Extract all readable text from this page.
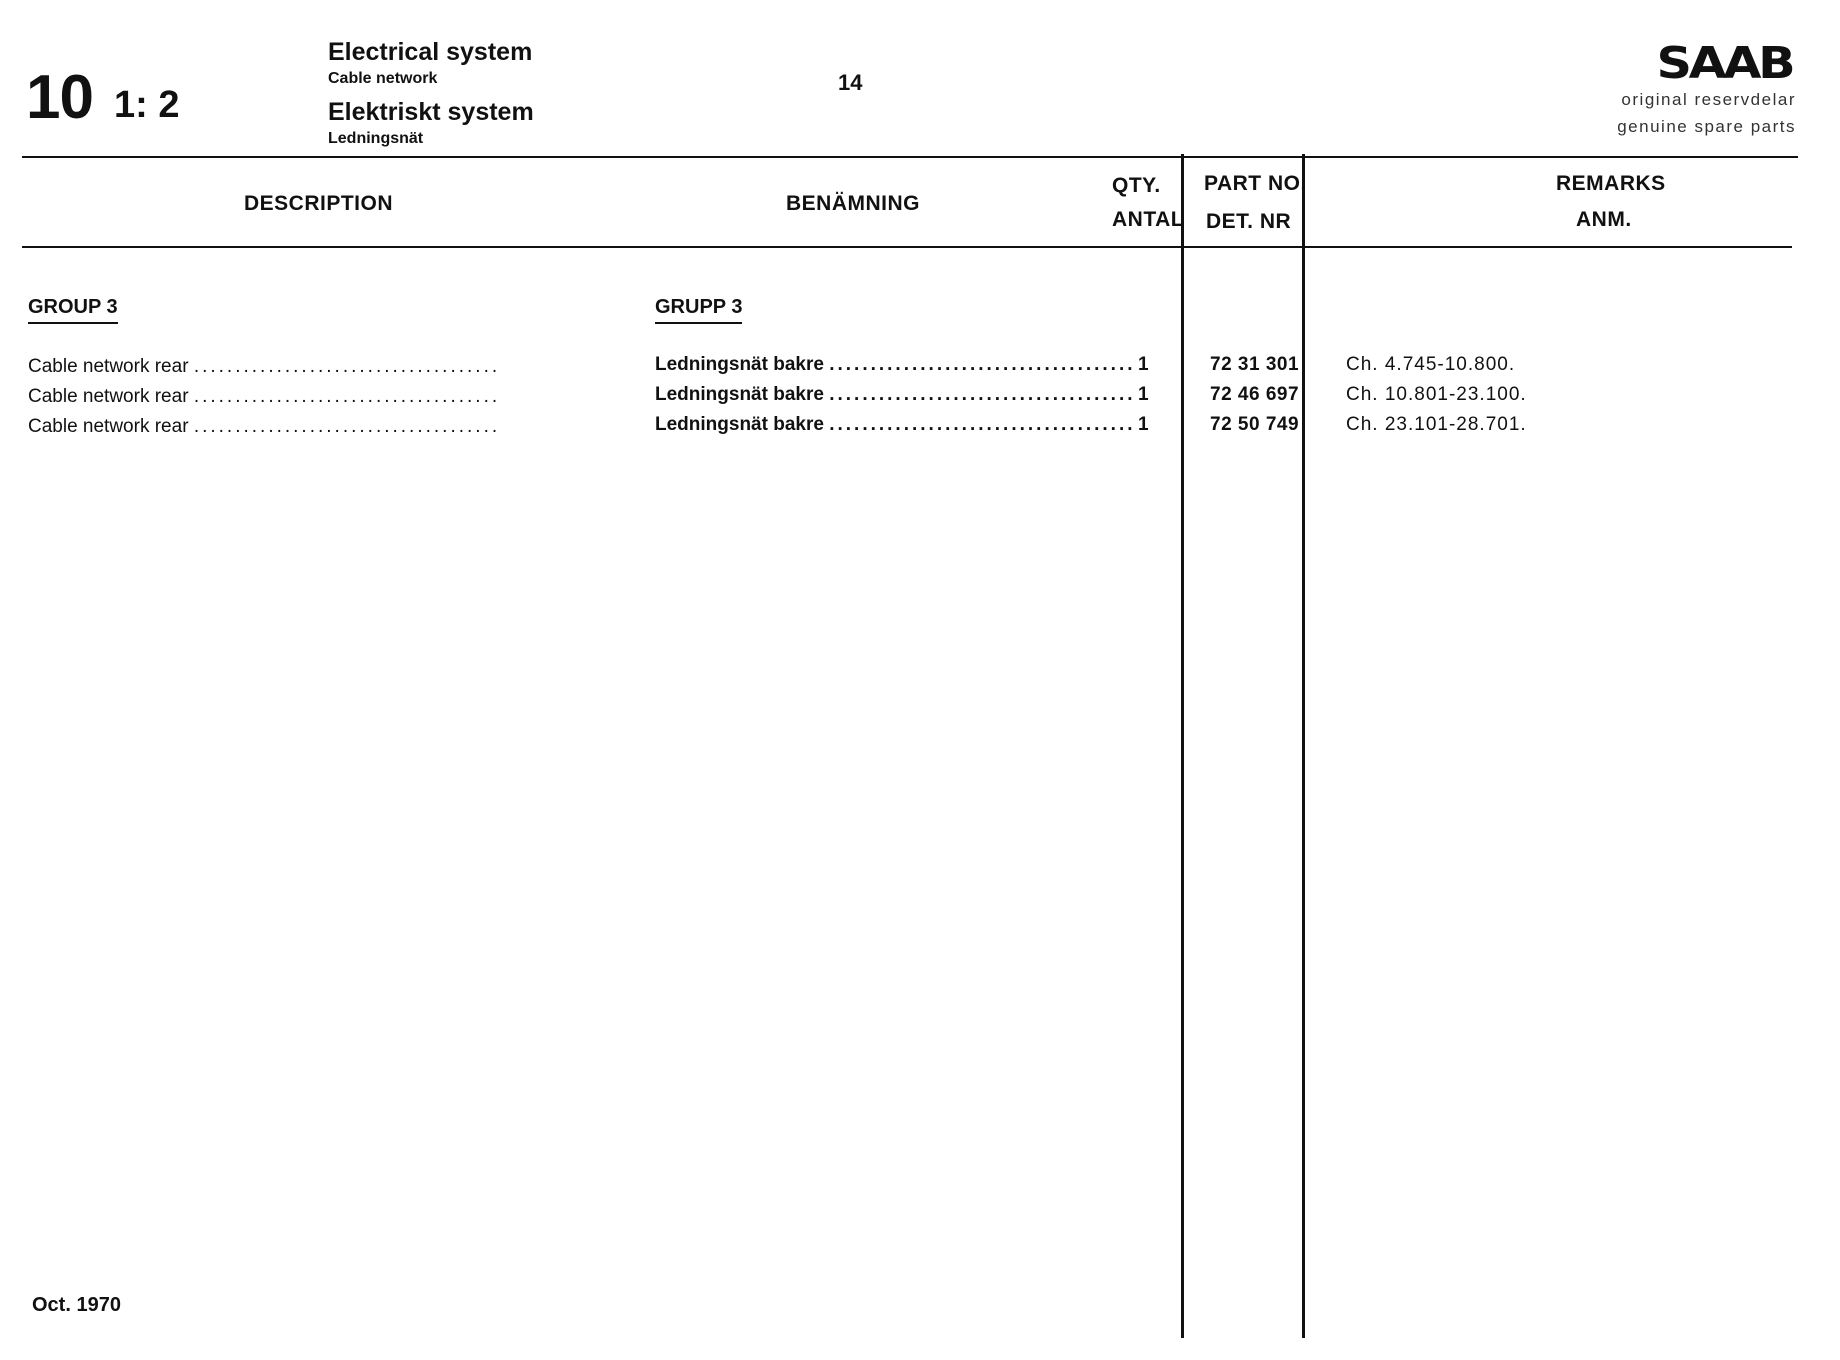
10 1: 2
Electrical system
Cable network
Elektriskt system
Ledningsnät
14	SAAB
original reservdelar
genuine spare parts
DESCRIPTION	BENÄMNING
QTY.
ANTAL
PART NO.
DET. NR
REMARKS
ANM.
GROUP 3	GRUPP 3
Cable network rear .....................................	Ledningsnät bakre ..................................... 1	72 31 301 Ch. 4.745-10.800.
Cable network rear .....................................	Ledningsnät bakre ..................................... 1	72 46 697 Ch. 10.801-23.100.
Cable network rear .....................................	Ledningsnät bakre ..................................... 1	72 50 749 Ch. 23.101-28.701.
Oct. 1970
